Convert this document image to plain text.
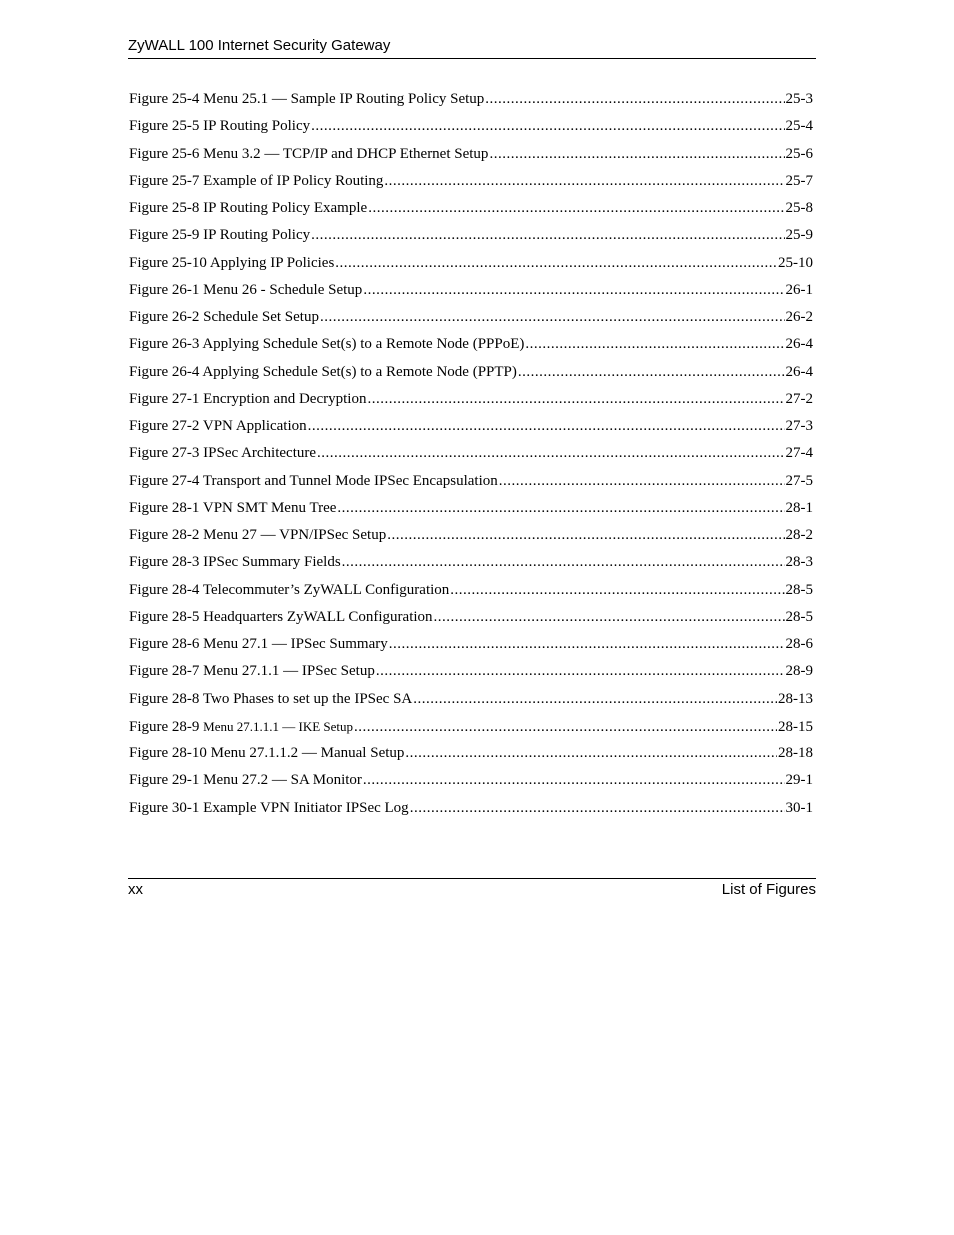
ZyWALL 100 Internet Security Gateway
Figure 25-4 Menu 25.1 — Sample IP Routing Policy Setup .....	25-3
Figure 25-5 IP Routing Policy .....	25-4
Figure 25-6 Menu 3.2 — TCP/IP and DHCP Ethernet Setup .....	25-6
Figure 25-7 Example of IP Policy Routing .....	25-7
Figure 25-8 IP Routing Policy Example .....	25-8
Figure 25-9 IP Routing Policy .....	25-9
Figure 25-10 Applying IP Policies .....	25-10
Figure 26-1 Menu 26 - Schedule Setup .....	26-1
Figure 26-2 Schedule Set Setup .....	26-2
Figure 26-3 Applying Schedule Set(s) to a Remote Node (PPPoE) .....	26-4
Figure 26-4 Applying Schedule Set(s) to a Remote Node (PPTP) .....	26-4
Figure 27-1 Encryption and Decryption .....	27-2
Figure 27-2 VPN Application .....	27-3
Figure 27-3 IPSec Architecture .....	27-4
Figure 27-4 Transport and Tunnel Mode IPSec Encapsulation .....	27-5
Figure 28-1 VPN SMT Menu Tree .....	28-1
Figure 28-2 Menu 27 — VPN/IPSec Setup .....	28-2
Figure 28-3 IPSec Summary Fields .....	28-3
Figure 28-4 Telecommuter’s ZyWALL Configuration .....	28-5
Figure 28-5 Headquarters ZyWALL Configuration .....	28-5
Figure 28-6 Menu 27.1 — IPSec Summary .....	28-6
Figure 28-7 Menu 27.1.1 — IPSec Setup .....	28-9
Figure 28-8 Two Phases to set up the IPSec SA .....	28-13
Figure 28-9 Menu 27.1.1.1 — IKE Setup .....	28-15
Figure 28-10 Menu 27.1.1.2 — Manual Setup .....	28-18
Figure 29-1 Menu 27.2 — SA Monitor .....	29-1
Figure 30-1 Example VPN Initiator IPSec Log .....	30-1
xx	List of Figures
